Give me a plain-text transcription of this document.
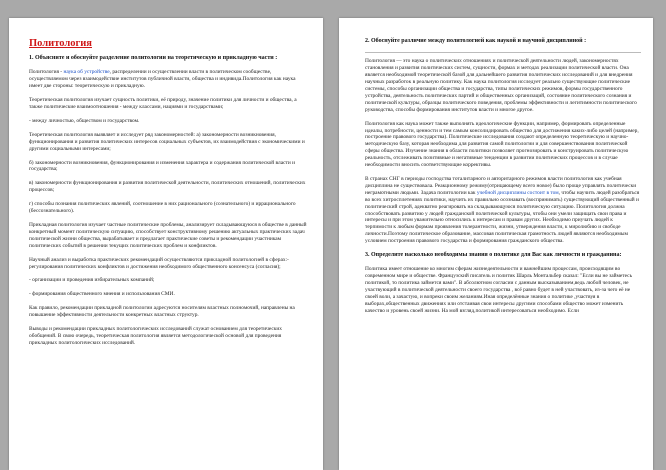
Политология
1. Объясните и обоснуйте разделение политологии на теоретическую и прикладную части :

Политология - наука об устройстве, распределении и осуществлении власти в политическом сообществе, осуществляемом через взаимодействие институтов публичной власти, общества и индивида.Политология как наука имеет две стороны: теоретическую и прикладную.

Теоретическая политология изучает сущность политики, её природу, значение политики для личности и общества, а также политические взаимоотношения - между классами, нациями и государствами;

- между личностью, обществом и государством.

Теоретическая политология выявляет и исследует ряд закономерностей: а) закономерности возникновения, функционирования и развития политических интересов социальных субъектов, их взаимодействия с экономическими и другими социальными интересами;

б) закономерности возникновения, функционирования и изменения характера и содержания политической власти и государства;

в) закономерности функционирования и развития политической деятельности, политических отношений, политических процессов;

г) способы познания политических явлений, соотношение в них рационального (сознательного) и иррационального (бессознательного).

Прикладная политология изучает частные политические проблемы, анализирует складывающуюся в обществе в данный конкретный момент политическую ситуацию, способствует конструктивному решению актуальных практических задач политической жизни общества, вырабатывает и предлагает практические советы и рекомендации участникам политических событий в решении текущих политических проблем и конфликтов.

Научный анализ и выработка практических рекомендаций осуществляются прикладной политологией в сферах:- регулирования политических конфликтов и достижения необходимого общественного консенсуса (согласия);

- организации и проведения избирательных компаний;

- формирования общественного мнения и использования СМИ.

Как правило, рекомендации прикладной политологии адресуются носителям властных полномочий, направлены на повышение эффективности деятельности конкретных властных структур.

Выводы и рекомендации прикладных политологических исследований служат основанием для теоретических обобщений. В свою очередь, теоретическая политология является методологической основой для проведения прикладных политологических исследований.

2. Обоснуйте различие между политологией как наукой и научной дисциплиной :

Политология — это наука о политических отношениях и политической деятельности людей, закономерностях становления и развития политических систем, сущности, формах и методах реализации политической власти. Она является необходимой теоретической базой для дальнейшего развития политических исследований и для внедрения научных разработок в реальную политику. Как наука политология исследует реально существующие политические системы, способы организации общества и государства, типы политических режимов, формы государственного устройства, деятельность политических партий и общественных организаций, состояние политического сознания и политической культуры, образцы политического поведения, проблемы эффективности и легитимности политического руководства, способы формирования институтов власти и многое другое.

Политология как наука может также выполнять идеологические функции, например, формировать определенные идеалы, потребности, ценности и тем самым консолидировать общество для достижения каких-либо целей (например, построение правового государства). Политические исследования создают определенную теоретическую и научно-методическую базу, которая необходима для развития самой политологии и для совершенствования политической сферы общества. Изучение знания в области политики позволяет прогнозировать и конструировать политическую реальность, отслеживать позитивные и негативные тенденции в развитии политических процессов и в случае необходимости вносить соответствующие коррективы.

В странах СНГ в периоды господства тоталитарного и авторитарного режимов власти политология как учебная дисциплина не существовала. Реакционному режиму(отрицающему всего новое) было проще управлять политически неграмотными людьми. Задача политологии как учебной дисциплины состоит в том, чтобы научить людей разобраться во всех хитросплетениях политики, научить их правильно осознавать (воспринимать) существующий общественный и политический строй, адекватно реагировать на складывающуюся политическую ситуацию. Политология должна способствовать развитию у людей гражданской политической культуры, чтобы они умели защищать свои права и интересы и при этом уважительно относились к интересам и правам других. Необходимо приучать людей к терпимости к любым формам проявления толерантности, жизни, утверждения власти, к миролюбию и свободе личности.Поэтому политическое образование, массовая политическая грамотность людей являются необходимым условием построения правового государства и формирования гражданского общества.

3. Определите насколько необходимы знания о политике для Вас как личности и гражданина:

Политика имеет отношение ко многим сферам жизнедеятельности и важнейшим процессам, происходящим во современном мире и обществе. Французский писатель и политик Шарль Монтальбер сказал: "Если вы не займетесь политикой, то политика займется вами". В абсолютном согласии с данным высказыванием,ведь любой человек, не участвующий в политической деятельности своего государства , всё равно будет в ней участвовать, из-за чего её не своей воли, а зачастую, и вопреки своим желаниям.Иная определённые знания о политике ,участвуя в выборах,общественных движениях или отстаивая свои интересы другими способами общество может изменить качество и уровень своей жизни. На мой взгляд,политикой интересоваться необходимо. Если
